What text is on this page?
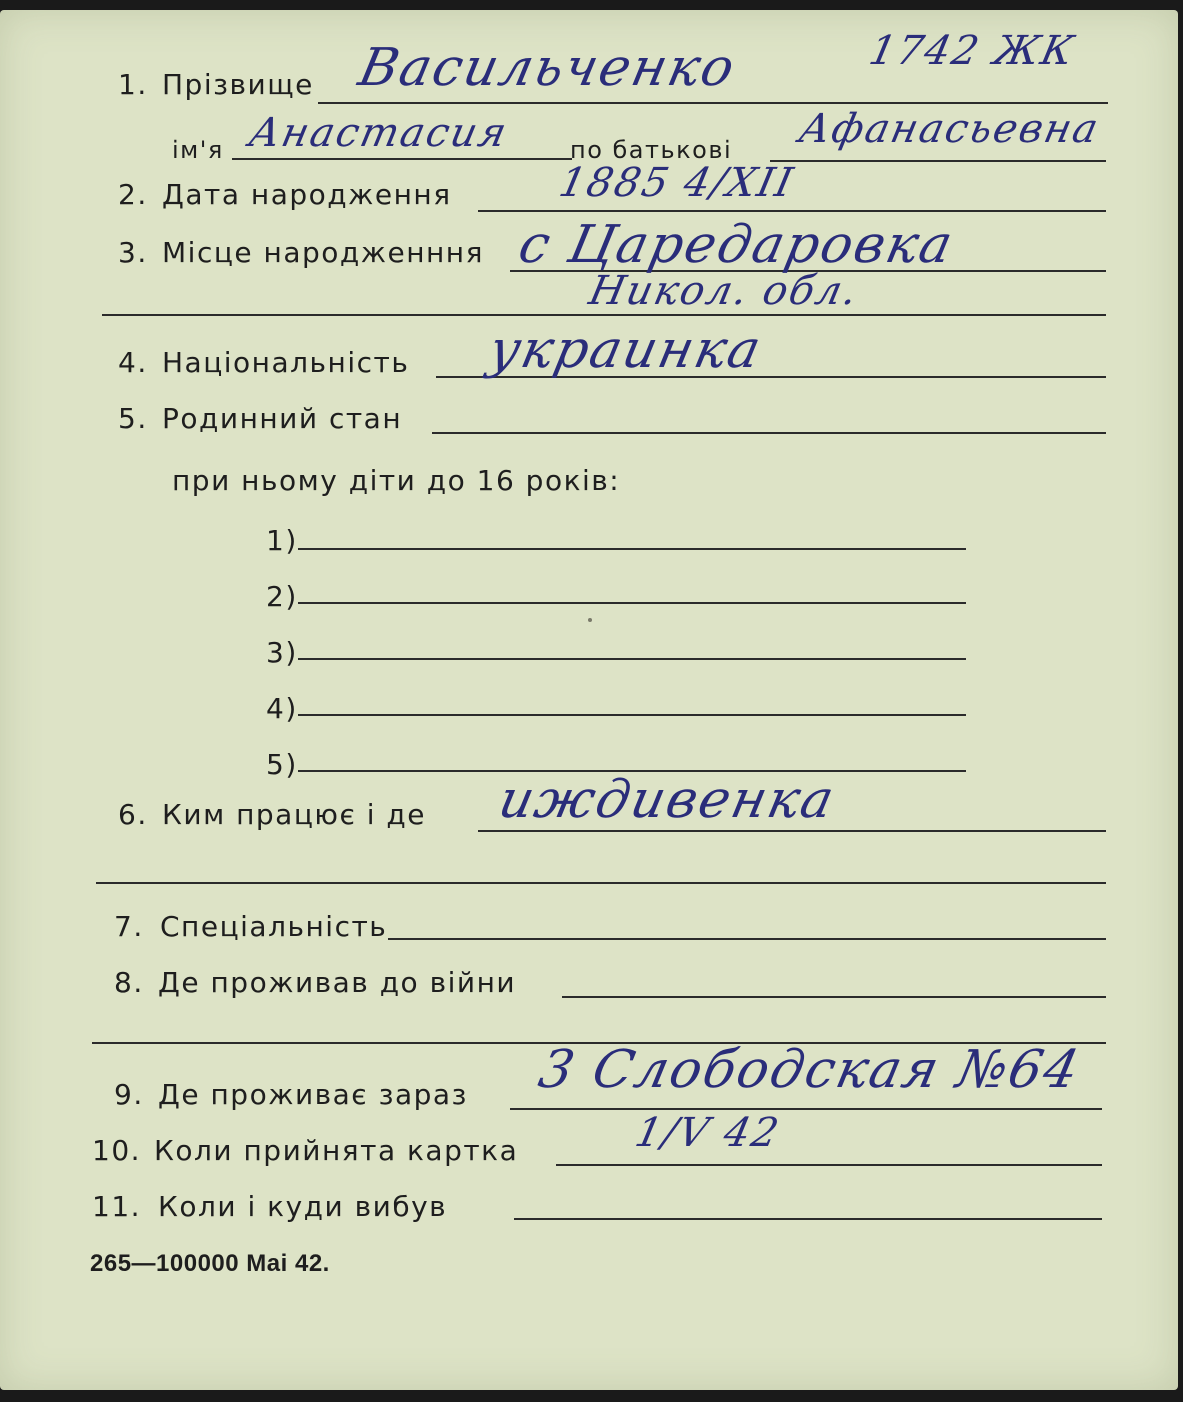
1. Прізвище Васильченко	1742 ЖК
ім'я Анастасия по батькові Афанасьевна
2. Дата народження	1885 4/XII
3. Місце народженння с Царедаровка
Никол. обл.
4. Національність украинка
5. Родинний стан
при ньому діти до 16 років:
1)
2)
3)
4)
5)
6. Ким працює і де иждивенка
7. Спеціальність
8. Де проживав до війни
9. Де проживає зараз 3 Слободская №64
10. Коли прийнята картка	1/V 42
11. Коли і куди вибув
265—100000 Mai 42.
